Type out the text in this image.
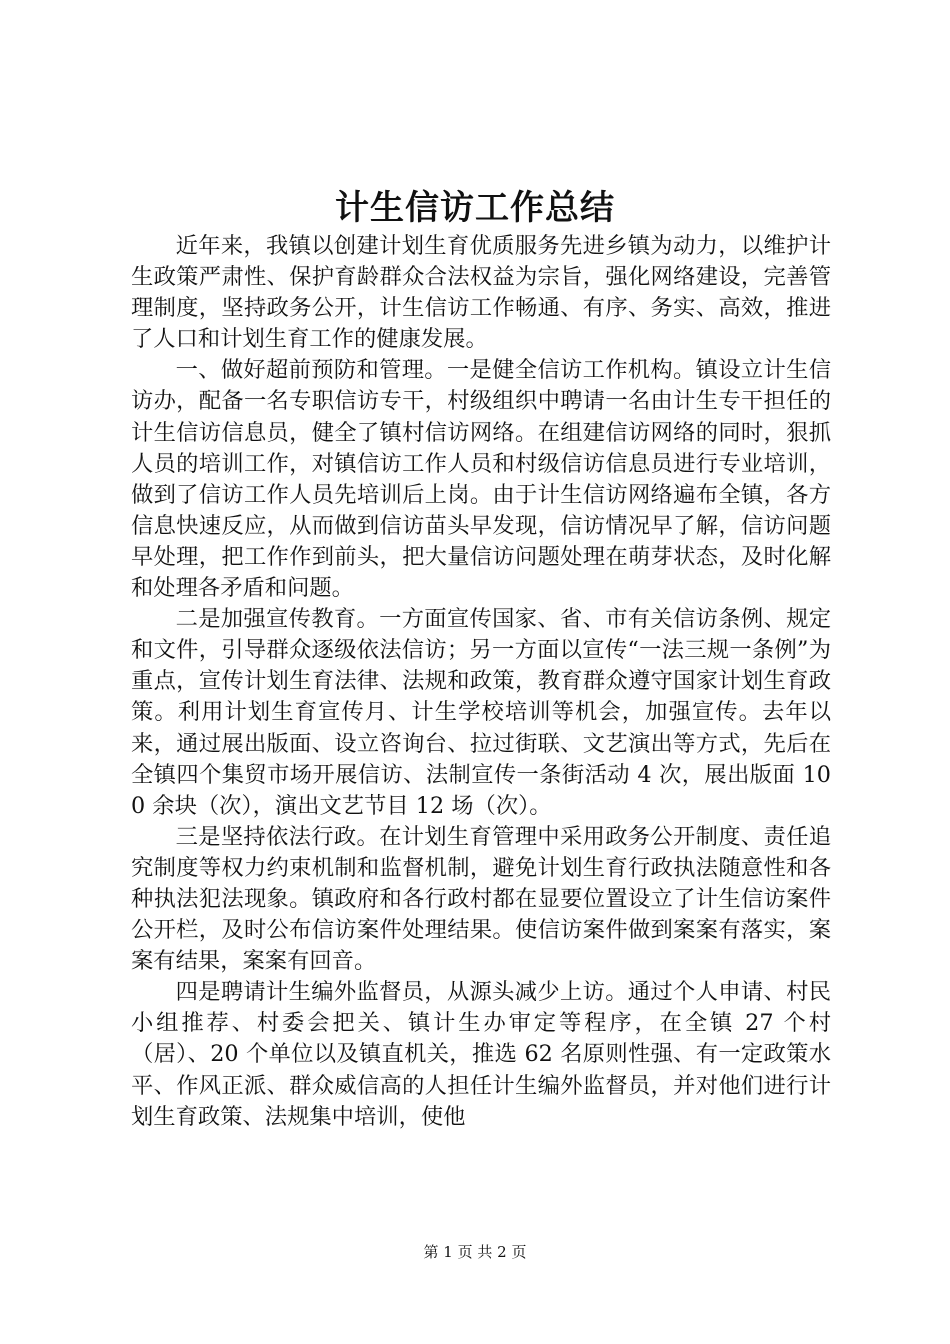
计生信访工作总结

近年来，我镇以创建计划生育优质服务先进乡镇为动力，以维护计生政策严肃性、保护育龄群众合法权益为宗旨，强化网络建设，完善管理制度，坚持政务公开，计生信访工作畅通、有序、务实、高效，推进了人口和计划生育工作的健康发展。

一、做好超前预防和管理。一是健全信访工作机构。镇设立计生信访办，配备一名专职信访专干，村级组织中聘请一名由计生专干担任的计生信访信息员，健全了镇村信访网络。在组建信访网络的同时，狠抓人员的培训工作，对镇信访工作人员和村级信访信息员进行专业培训，做到了信访工作人员先培训后上岗。由于计生信访网络遍布全镇，各方信息快速反应，从而做到信访苗头早发现，信访情况早了解，信访问题早处理，把工作作到前头，把大量信访问题处理在萌芽状态，及时化解和处理各矛盾和问题。

二是加强宣传教育。一方面宣传国家、省、市有关信访条例、规定和文件，引导群众逐级依法信访；另一方面以宣传“一法三规一条例”为重点，宣传计划生育法律、法规和政策，教育群众遵守国家计划生育政策。利用计划生育宣传月、计生学校培训等机会，加强宣传。去年以来，通过展出版面、设立咨询台、拉过街联、文艺演出等方式，先后在全镇四个集贸市场开展信访、法制宣传一条街活动 4 次，展出版面 100 余块（次），演出文艺节目 12 场（次）。

三是坚持依法行政。在计划生育管理中采用政务公开制度、责任追究制度等权力约束机制和监督机制，避免计划生育行政执法随意性和各种执法犯法现象。镇政府和各行政村都在显要位置设立了计生信访案件公开栏，及时公布信访案件处理结果。使信访案件做到案案有落实，案案有结果，案案有回音。

四是聘请计生编外监督员，从源头减少上访。通过个人申请、村民小组推荐、村委会把关、镇计生办审定等程序，在全镇 27 个村（居）、20 个单位以及镇直机关，推选 62 名原则性强、有一定政策水平、作风正派、群众威信高的人担任计生编外监督员，并对他们进行计划生育政策、法规集中培训，使他

第 1 页 共 2 页
